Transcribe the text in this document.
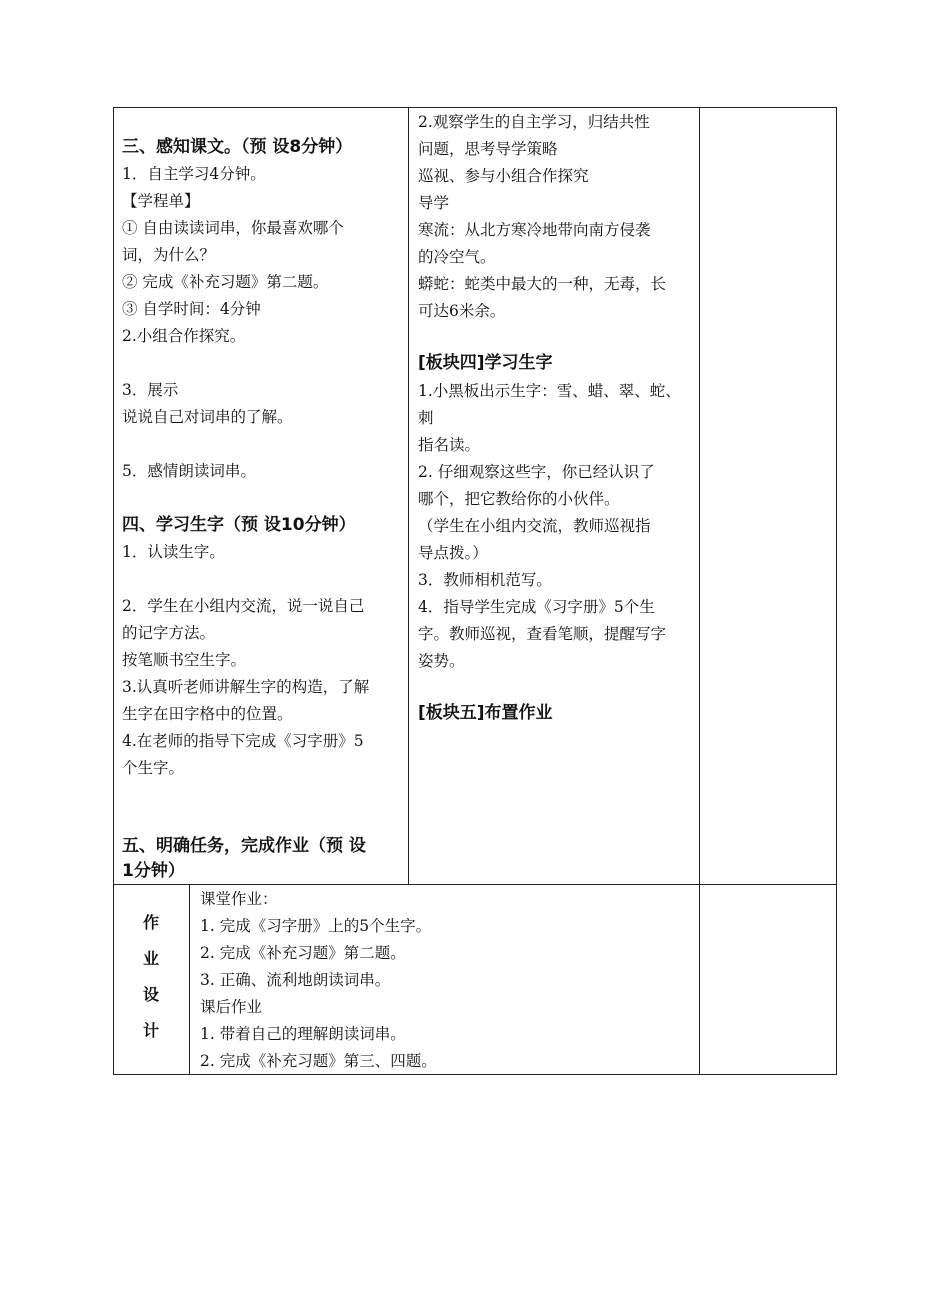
三、感知课文。（预 设8分钟）
1．自主学习4分钟。
【学程单】
① 自由读读词串，你最喜欢哪个
词，为什么？
② 完成《补充习题》第二题。
③ 自学时间：4分钟
2.小组合作探究。
3．展示
说说自己对词串的了解。
5．感情朗读词串。
四、学习生字（预 设10分钟）
1．认读生字。
2．学生在小组内交流，说一说自己
的记字方法。
按笔顺书空生字。
3.认真听老师讲解生字的构造，了解
生字在田字格中的位置。
4.在老师的指导下完成《习字册》5
个生字。
五、明确任务，完成作业（预 设
1分钟）
2.观察学生的自主学习，归结共性
问题，思考导学策略
巡视、参与小组合作探究
导学
寒流：从北方寒冷地带向南方侵袭
的冷空气。
蟒蛇：蛇类中最大的一种，无毒，长
可达6米余。
[板块四]学习生字
1.小黑板出示生字：雪、蜡、翠、蛇、
刺
指名读。
2. 仔细观察这些字，你已经认识了
哪个，把它教给你的小伙伴。
（学生在小组内交流，教师巡视指
导点拨。）
3．教师相机范写。
4．指导学生完成《习字册》5个生
字。教师巡视，查看笔顺，提醒写字
姿势。
[板块五]布置作业
作
业
设
计
课堂作业：
1. 完成《习字册》上的5个生字。
2. 完成《补充习题》第二题。
3. 正确、流利地朗读词串。
课后作业
1. 带着自己的理解朗读词串。
2. 完成《补充习题》第三、四题。
